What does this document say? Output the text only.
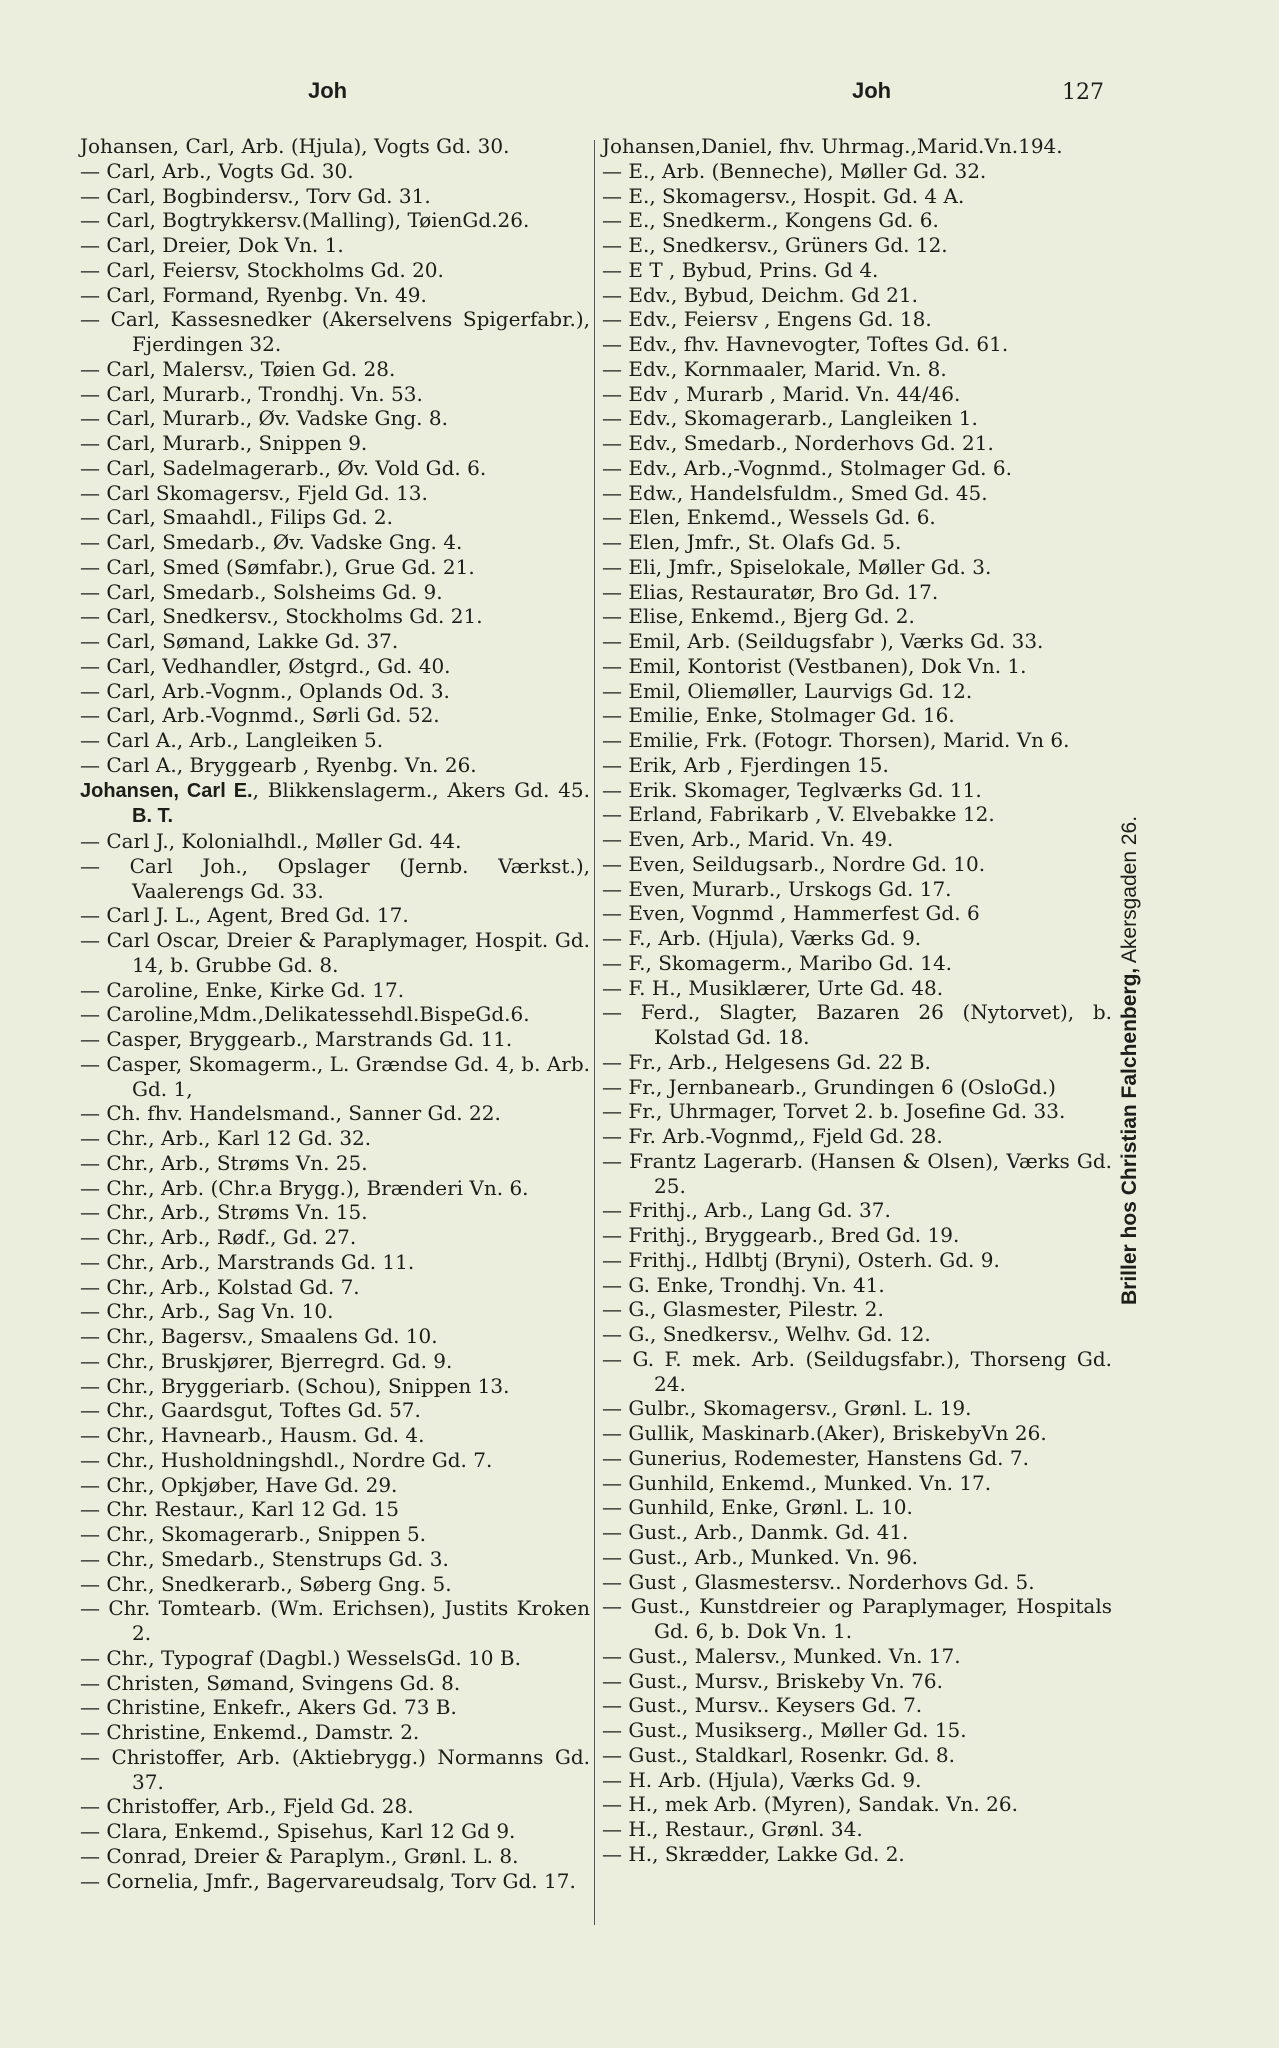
Joh	Joh	127

Johansen, Carl, Arb. (Hjula), Vogts Gd. 30.

— Carl, Arb., Vogts Gd. 30.

— Carl, Bogbindersv., Torv Gd. 31.

— Carl, Bogtrykkersv.(Malling), TøienGd.26.

— Carl, Dreier, Dok Vn. 1.

— Carl, Feiersv, Stockholms Gd. 20.

— Carl, Formand, Ryenbg. Vn. 49.

— Carl, Kassesnedker (Akerselvens Spigerfabr.), Fjerdingen 32.

— Carl, Malersv., Tøien Gd. 28.

— Carl, Murarb., Trondhj. Vn. 53.

— Carl, Murarb., Øv. Vadske Gng. 8.

— Carl, Murarb., Snippen 9.

— Carl, Sadelmagerarb., Øv. Vold Gd. 6.

— Carl Skomagersv., Fjeld Gd. 13.

— Carl, Smaahdl., Filips Gd. 2.

— Carl, Smedarb., Øv. Vadske Gng. 4.

— Carl, Smed (Sømfabr.), Grue Gd. 21.

— Carl, Smedarb., Solsheims Gd. 9.

— Carl, Snedkersv., Stockholms Gd. 21.

— Carl, Sømand, Lakke Gd. 37.

— Carl, Vedhandler, Østgrd., Gd. 40.

— Carl, Arb.-Vognm., Oplands Od. 3.

— Carl, Arb.-Vognmd., Sørli Gd. 52.

— Carl A., Arb., Langleiken 5.

— Carl A., Bryggearb , Ryenbg. Vn. 26.

Johansen, Carl E., Blikkenslagerm., Akers Gd. 45. B. T.

— Carl J., Kolonialhdl., Møller Gd. 44.

— Carl Joh., Opslager (Jernb. Værkst.), Vaalerengs Gd. 33.

— Carl J. L., Agent, Bred Gd. 17.

— Carl Oscar, Dreier & Paraplymager, Hospit. Gd. 14, b. Grubbe Gd. 8.

— Caroline, Enke, Kirke Gd. 17.

— Caroline,Mdm.,Delikatessehdl.BispeGd.6.

— Casper, Bryggearb., Marstrands Gd. 11.

— Casper, Skomagerm., L. Grændse Gd. 4, b. Arb. Gd. 1,

— Ch. fhv. Handelsmand., Sanner Gd. 22.

— Chr., Arb., Karl 12 Gd. 32.

— Chr., Arb., Strøms Vn. 25.

— Chr., Arb. (Chr.a Brygg.), Brænderi Vn. 6.

— Chr., Arb., Strøms Vn. 15.

— Chr., Arb., Rødf., Gd. 27.

— Chr., Arb., Marstrands Gd. 11.

— Chr., Arb., Kolstad Gd. 7.

— Chr., Arb., Sag Vn. 10.

— Chr., Bagersv., Smaalens Gd. 10.

— Chr., Bruskjører, Bjerregrd. Gd. 9.

— Chr., Bryggeriarb. (Schou), Snippen 13.

— Chr., Gaardsgut, Toftes Gd. 57.

— Chr., Havnearb., Hausm. Gd. 4.

— Chr., Husholdningshdl., Nordre Gd. 7.

— Chr., Opkjøber, Have Gd. 29.

— Chr. Restaur., Karl 12 Gd. 15

— Chr., Skomagerarb., Snippen 5.

— Chr., Smedarb., Stenstrups Gd. 3.

— Chr., Snedkerarb., Søberg Gng. 5.

— Chr. Tomtearb. (Wm. Erichsen), Justits Kroken 2.

— Chr., Typograf (Dagbl.) WesselsGd. 10 B.

— Christen, Sømand, Svingens Gd. 8.

— Christine, Enkefr., Akers Gd. 73 B.

— Christine, Enkemd., Damstr. 2.

— Christoffer, Arb. (Aktiebrygg.) Normanns Gd. 37.

— Christoffer, Arb., Fjeld Gd. 28.

— Clara, Enkemd., Spisehus, Karl 12 Gd 9.

— Conrad, Dreier & Paraplym., Grønl. L. 8.

— Cornelia, Jmfr., Bagervareudsalg, Torv Gd. 17.

Johansen,Daniel, fhv. Uhrmag.,Marid.Vn.194.

— E., Arb. (Benneche), Møller Gd. 32.

— E., Skomagersv., Hospit. Gd. 4 A.

— E., Snedkerm., Kongens Gd. 6.

— E., Snedkersv., Grüners Gd. 12.

— E T , Bybud, Prins. Gd 4.

— Edv., Bybud, Deichm. Gd 21.

— Edv., Feiersv , Engens Gd. 18.

— Edv., fhv. Havnevogter, Toftes Gd. 61.

— Edv., Kornmaaler, Marid. Vn. 8.

— Edv , Murarb , Marid. Vn. 44/46.

— Edv., Skomagerarb., Langleiken 1.

— Edv., Smedarb., Norderhovs Gd. 21.

— Edv., Arb.,-Vognmd., Stolmager Gd. 6.

— Edw., Handelsfuldm., Smed Gd. 45.

— Elen, Enkemd., Wessels Gd. 6.

— Elen, Jmfr., St. Olafs Gd. 5.

— Eli, Jmfr., Spiselokale, Møller Gd. 3.

— Elias, Restauratør, Bro Gd. 17.

— Elise, Enkemd., Bjerg Gd. 2.

— Emil, Arb. (Seildugsfabr ), Værks Gd. 33.

— Emil, Kontorist (Vestbanen), Dok Vn. 1.

— Emil, Oliemøller, Laurvigs Gd. 12.

— Emilie, Enke, Stolmager Gd. 16.

— Emilie, Frk. (Fotogr. Thorsen), Marid. Vn 6.

— Erik, Arb , Fjerdingen 15.

— Erik. Skomager, Teglværks Gd. 11.

— Erland, Fabrikarb , V. Elvebakke 12.

— Even, Arb., Marid. Vn. 49.

— Even, Seildugsarb., Nordre Gd. 10.

— Even, Murarb., Urskogs Gd. 17.

— Even, Vognmd , Hammerfest Gd. 6

— F., Arb. (Hjula), Værks Gd. 9.

— F., Skomagerm., Maribo Gd. 14.

— F. H., Musiklærer, Urte Gd. 48.

— Ferd., Slagter, Bazaren 26 (Nytorvet), b. Kolstad Gd. 18.

— Fr., Arb., Helgesens Gd. 22 B.

— Fr., Jernbanearb., Grundingen 6 (OsloGd.)

— Fr., Uhrmager, Torvet 2. b. Josefine Gd. 33.

— Fr. Arb.-Vognmd,, Fjeld Gd. 28.

— Frantz Lagerarb. (Hansen & Olsen), Værks Gd. 25.

— Frithj., Arb., Lang Gd. 37.

— Frithj., Bryggearb., Bred Gd. 19.

— Frithj., Hdlbtj (Bryni), Osterh. Gd. 9.

— G. Enke, Trondhj. Vn. 41.

— G., Glasmester, Pilestr. 2.

— G., Snedkersv., Welhv. Gd. 12.

— G. F. mek. Arb. (Seildugsfabr.), Thorseng Gd. 24.

— Gulbr., Skomagersv., Grønl. L. 19.

— Gullik, Maskinarb.(Aker), BriskebyVn 26.

— Gunerius, Rodemester, Hanstens Gd. 7.

— Gunhild, Enkemd., Munked. Vn. 17.

— Gunhild, Enke, Grønl. L. 10.

— Gust., Arb., Danmk. Gd. 41.

— Gust., Arb., Munked. Vn. 96.

— Gust , Glasmestersv.. Norderhovs Gd. 5.

— Gust., Kunstdreier og Paraplymager, Hospitals Gd. 6, b. Dok Vn. 1.

— Gust., Malersv., Munked. Vn. 17.

— Gust., Mursv., Briskeby Vn. 76.

— Gust., Mursv.. Keysers Gd. 7.

— Gust., Musikserg., Møller Gd. 15.

— Gust., Staldkarl, Rosenkr. Gd. 8.

— H. Arb. (Hjula), Værks Gd. 9.

— H., mek Arb. (Myren), Sandak. Vn. 26.

— H., Restaur., Grønl. 34.

— H., Skrædder, Lakke Gd. 2.

Briller hos Christian Falchenberg, Akersgaden 26.
